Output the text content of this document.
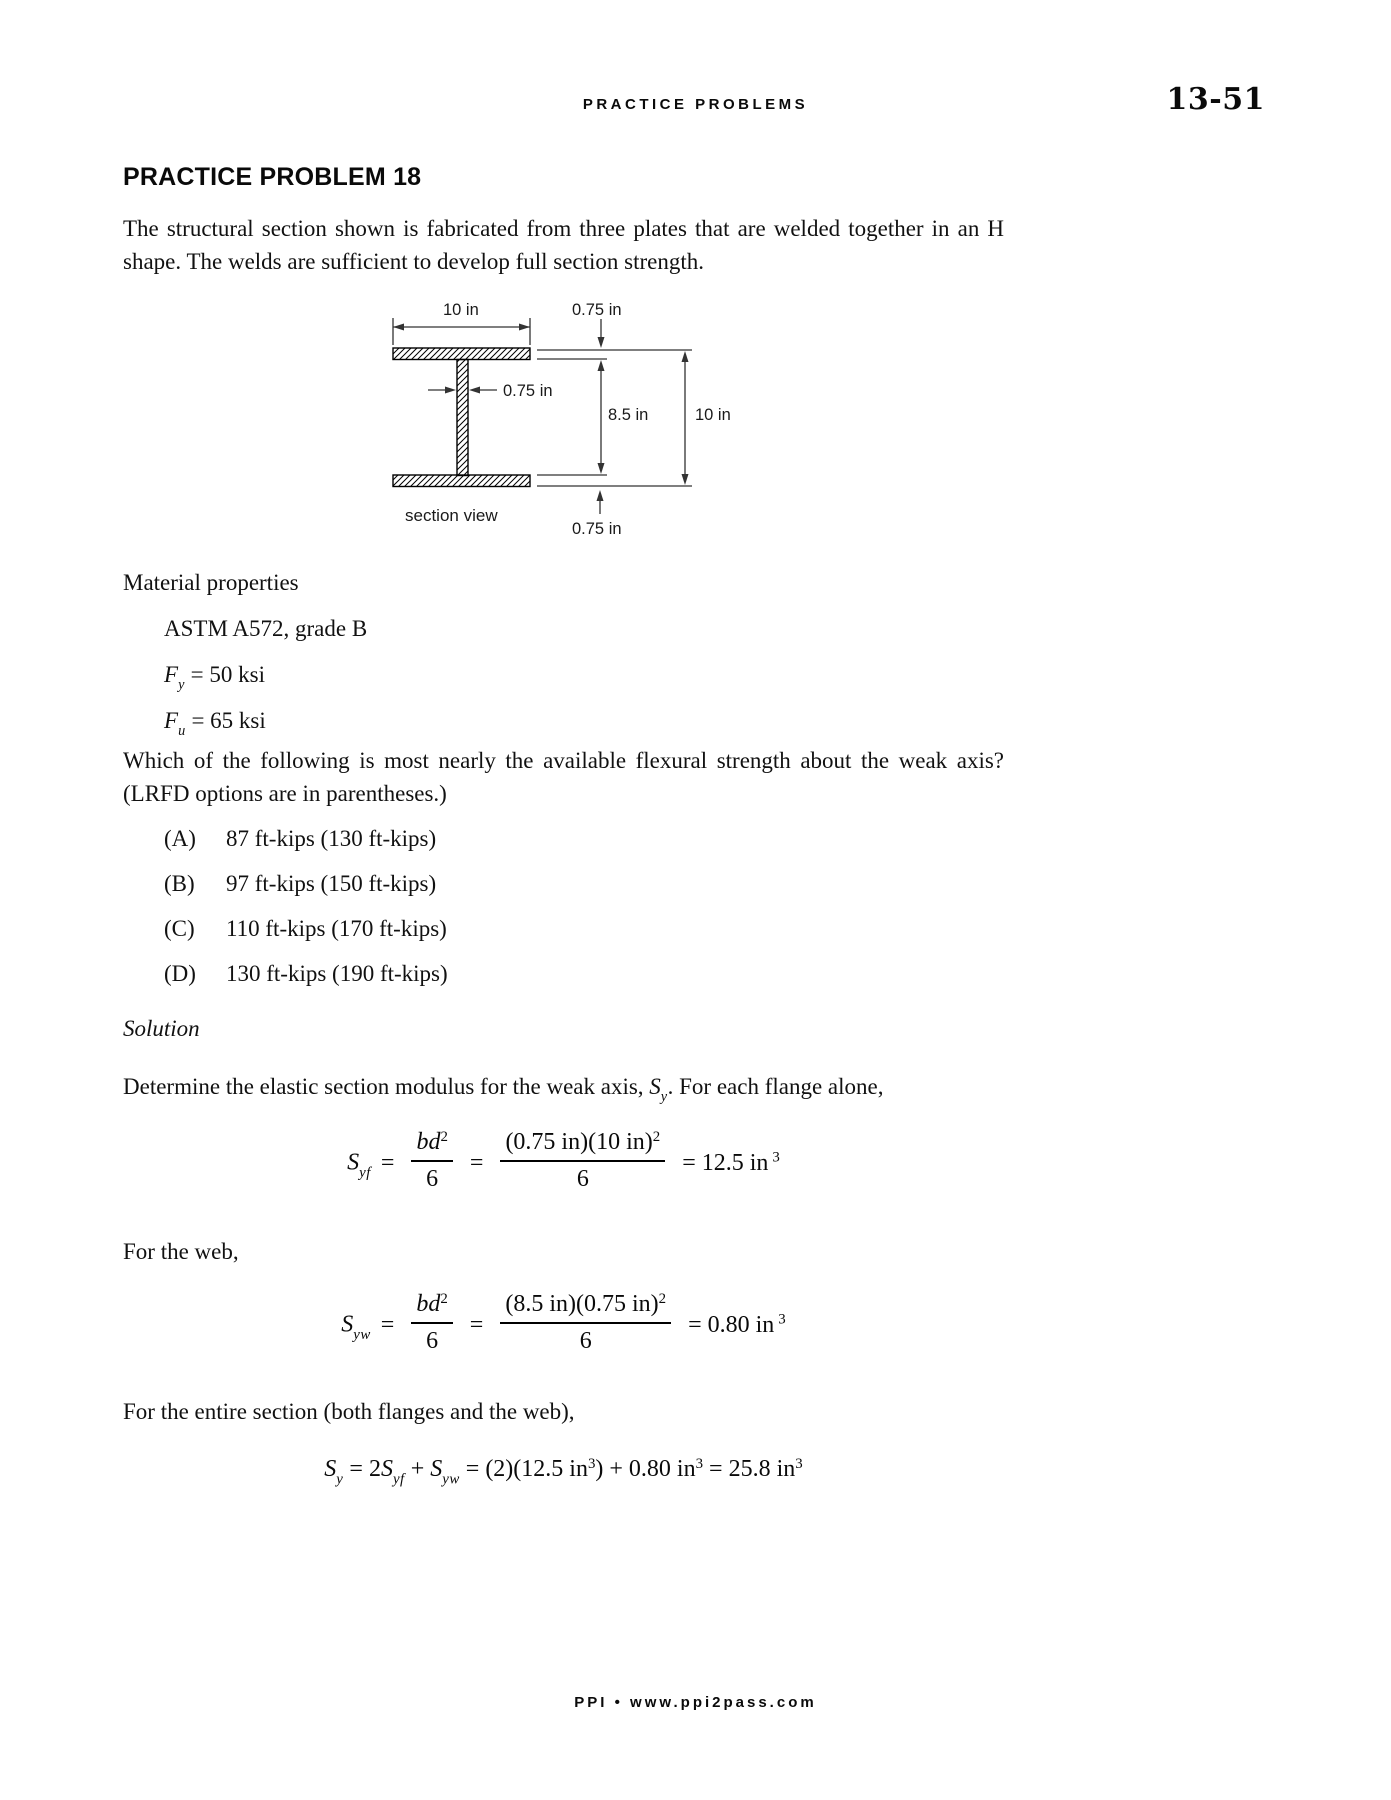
PRACTICE PROBLEMS	13-51
PRACTICE PROBLEM 18
The structural section shown is fabricated from three plates that are welded together in an H shape. The welds are sufficient to develop full section strength.
10 in	0.75 in
8.5 in	10 in
0.75 in
0.75 in
section view
Material properties
ASTM A572, grade B
$F_y = 50$ ksi
$F_u = 65$ ksi
Which of the following is most nearly the available flexural strength about the weak axis? (LRFD options are in parentheses.)
(A) 87 ft-kips (130 ft-kips)
(B) 97 ft-kips (150 ft-kips)
(C) 110 ft-kips (170 ft-kips)
(D) 130 ft-kips (190 ft-kips)
Solution
Determine the elastic section modulus for the weak axis, $S_y$. For each flange alone,
$S_{yf} = \frac{bd^2}{6} = \frac{(0.75 in)(10 in)^2}{6} = 12.5$ in $^3$
For the web,
$S_{yw} = \frac{bd^2}{6} = \frac{(8.5 in)(0.75 in)^2}{6} = 0.80$ in $^3$
For the entire section (both flanges and the web),
$S_y = 2S_{yf} + S_{yw} = (2)(12.5$ $in^3) + 0.80$ $in^3 = 25.8$ $in^3$
PPI • www.ppi2pass.com
